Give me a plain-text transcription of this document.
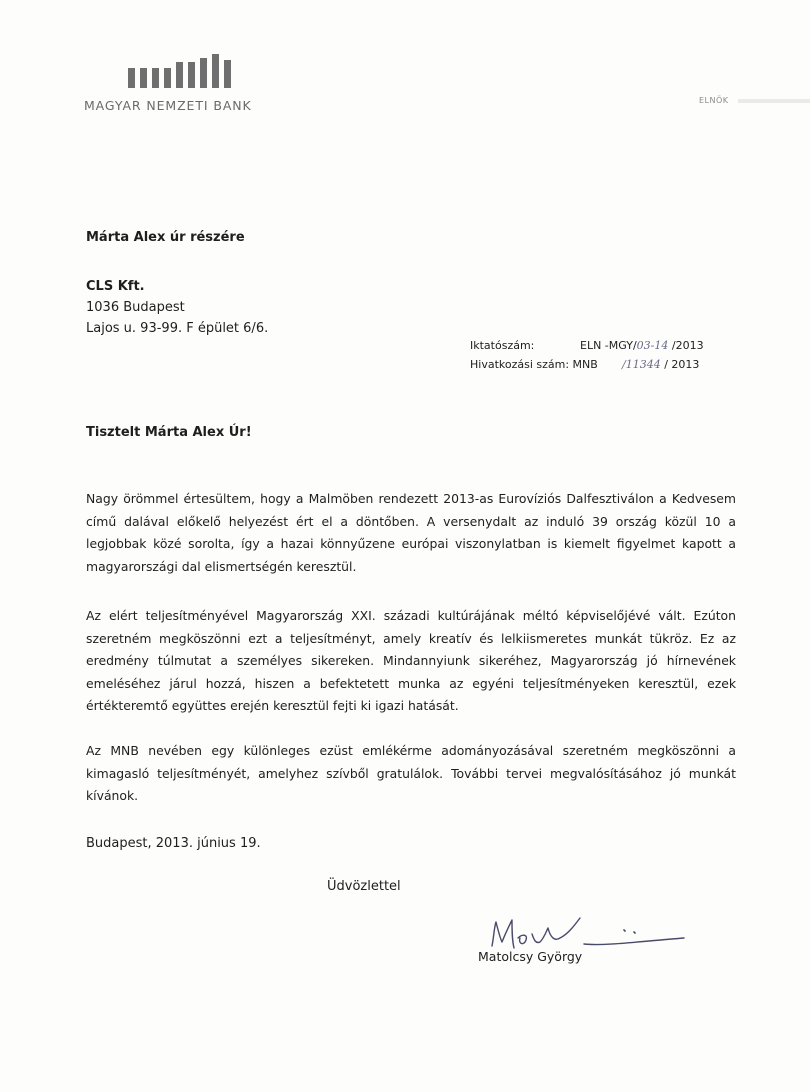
MAGYAR NEMZETI BANK	ELNÖK
Márta Alex úr részére
CLS Kft.
1036 Budapest
Lajos u. 93-99. F épület 6/6.
Iktatószám:	ELN -MGY/03-14 /2013
Hivatkozási szám: MNB /11344 / 2013
Tisztelt Márta Alex Úr!
Nagy örömmel értesültem, hogy a Malmöben rendezett 2013-as Eurovíziós Dalfesztiválon a Kedvesem című dalával előkelő helyezést ért el a döntőben. A versenydalt az induló 39 ország közül 10 a legjobbak közé sorolta, így a hazai könnyűzene európai viszonylatban is kiemelt figyelmet kapott a magyarországi dal elismertségén keresztül.
Az elért teljesítményével Magyarország XXI. századi kultúrájának méltó képviselőjévé vált. Ezúton szeretném megköszönni ezt a teljesítményt, amely kreatív és lelkiismeretes munkát tükröz. Ez az eredmény túlmutat a személyes sikereken. Mindannyiunk sikeréhez, Magyarország jó hírnevének emeléséhez járul hozzá, hiszen a befektetett munka az egyéni teljesítményeken keresztül, ezek értékteremtő együttes erején keresztül fejti ki igazi hatását.
Az MNB nevében egy különleges ezüst emlékérme adományozásával szeretném megköszönni a kimagasló teljesítményét, amelyhez szívből gratulálok. További tervei megvalósításához jó munkát kívánok.
Budapest, 2013. június 19.
Üdvözlettel
Matolcsy György
